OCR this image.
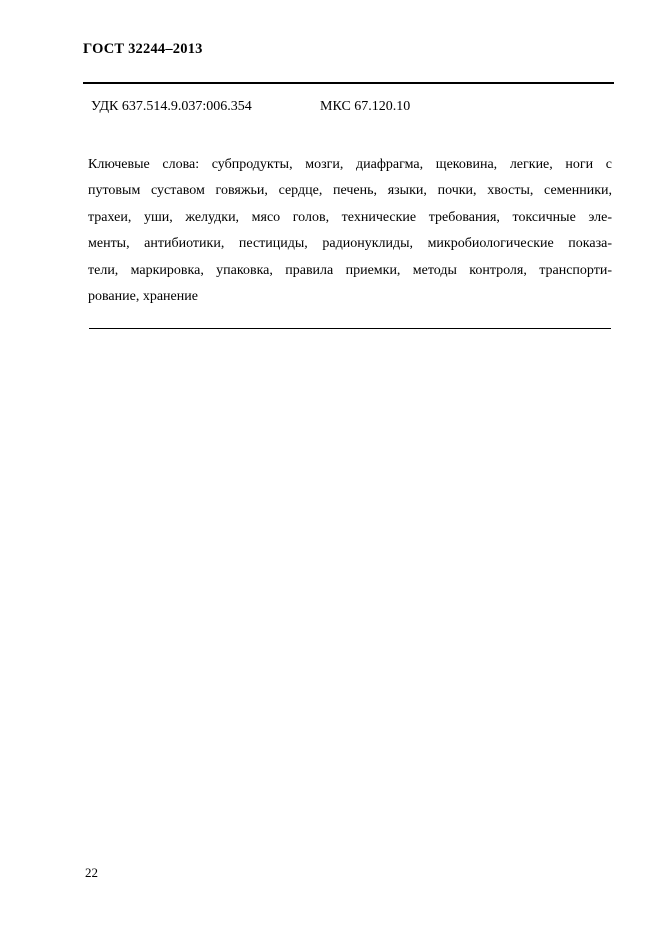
ГОСТ 32244–2013
УДК 637.514.9.037:006.354	МКС 67.120.10

Ключевые слова: субпродукты, мозги, диафрагма, щековина, легкие, ноги с
путовым суставом говяжьи, сердце, печень, языки, почки, хвосты, семенники,
трахеи, уши, желудки, мясо голов, технические требования, токсичные эле-
менты, антибиотики, пестициды, радионуклиды, микробиологические показа-
тели, маркировка, упаковка, правила приемки, методы контроля, транспорти-
рование, хранение

22
